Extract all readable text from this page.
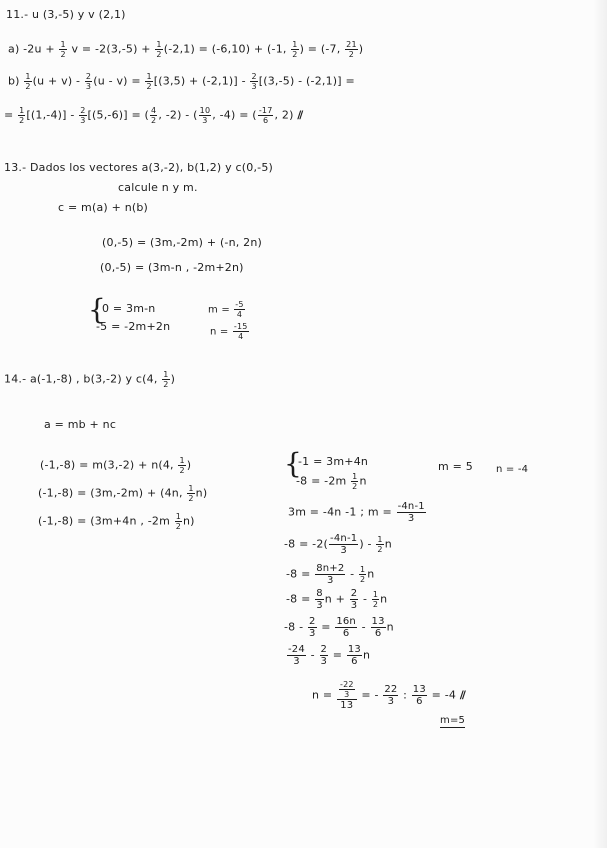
11.- u (3,-5) y v (2,1)
a) $-2u + \frac{1}{2}$ $v = -2(3,-5) + \frac{1}{2} (-2,1) = (-6,10) + (-1$, $\frac{1}{2}$ ) = (-7, $\frac{21}{2}$ )
$b) \frac{1}{2} (u + v) - \frac{2}{3} (u - v) = \frac{1}{2} [(3,5) + (-2,1)] - \frac{2}{3} [(3,-5) - (-2,1)]$ =
= $\frac{1}{2} [(1,-4)] - \frac{2}{3} [(5,-6)]$ = ( $\frac{4}{2}$ , -2) - ( $\frac{10}{3}$ , -4) = ( $\frac{-17}{6}$ , 2) //
13.- Dados los vectores a(3,-2), b(1,2) y c(0,-5)
calcule n y m.
c = m(a) + n(b)
(0,-5) = (3m,-2m) + (-n, 2n)
(0,-5) = (3m-n , -2m+2n)
{
0 = 3m-n
-5 = -2m+2n
$m = \frac{-5}{4}$
$n = \frac{-15}{4}$
14.- a(-1,-8) , b(3,-2) y c(4, $\frac{1}{2}$ )
a = mb + nc
(-1,-8) = m(3,-2) + n(4, $\frac{1}{2}$ )
(-1,-8) = (3m,-2m) + (4n, $\frac{1}{2} n$)
(-1,-8) = (3m+4n , $-2m \frac{1}{2} n$)
{
-1 = 3m+4n
$-8 = -2m \frac{1}{2}$ n
m = 5 n = -4
3m = -4n -1 ; $m = \frac{-4n-1}{3}$
$-8 = -2( \frac{-4n-1}{3}$ ) - $\frac{1}{2}$ n
$-8 = \frac{8n+2}{3} - \frac{1}{2}$ n
$-8 = \frac{8}{3}$ $n + \frac{2}{3} - \frac{1}{2}$ n
$-8 - \frac{2}{3} = \frac{16n}{6} - \frac{13}{6}$ n
$\frac{-24}{3} - \frac{2}{3} = \frac{13}{6}$ n
$n = \frac{\frac{-22}{3}}{13}$ = - $\frac{22}{3}$ : $\frac{13}{6} = -4$ //
m=5
